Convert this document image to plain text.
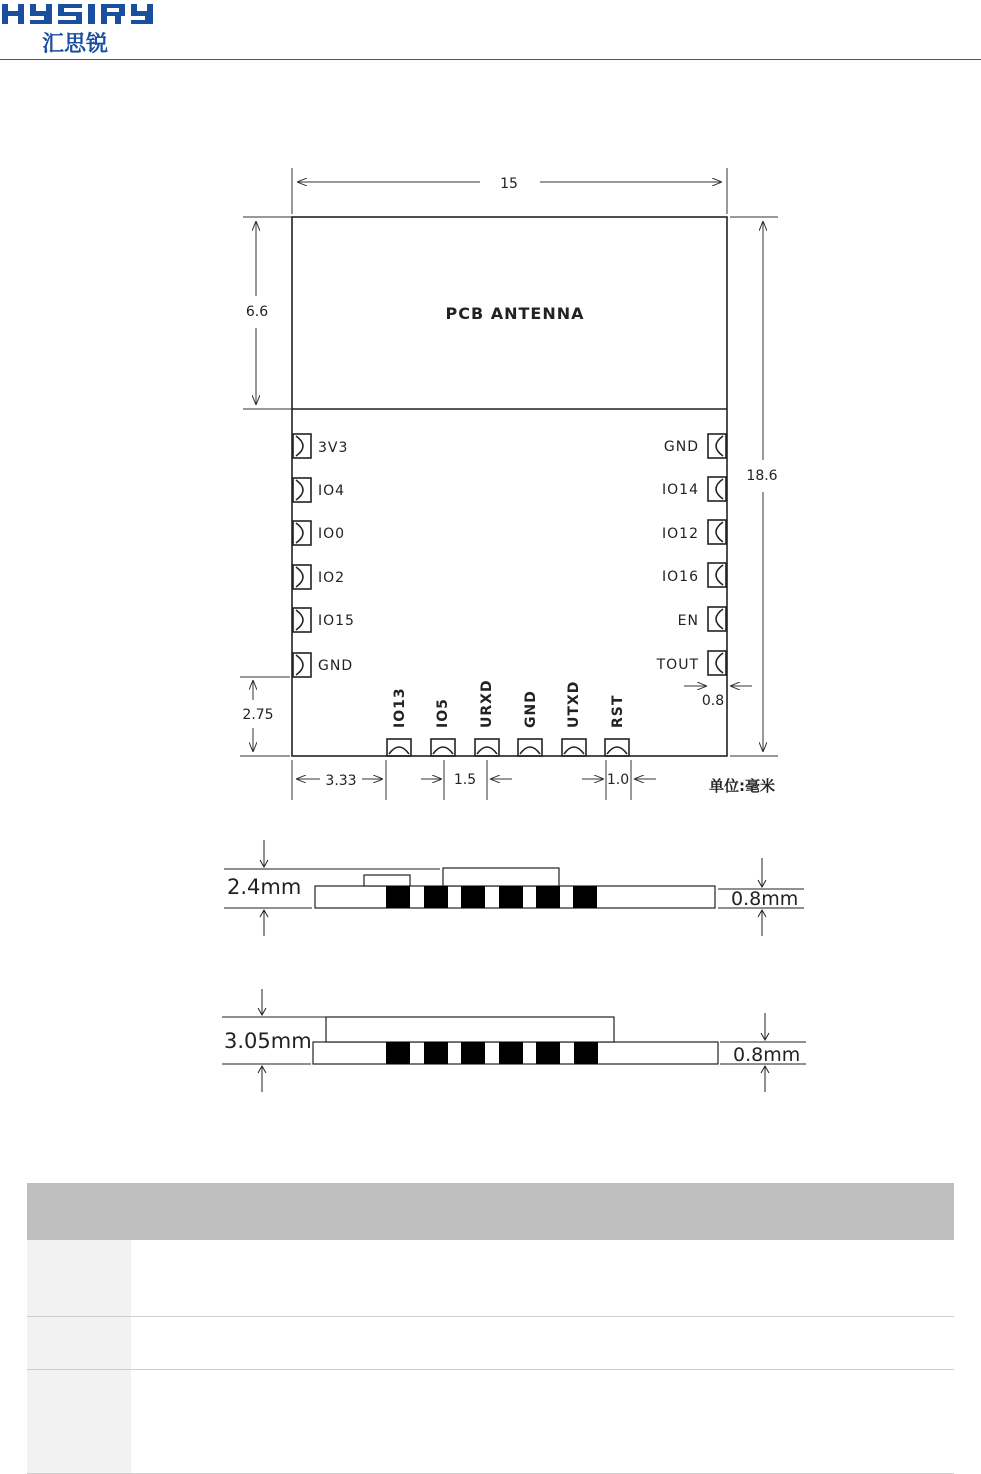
汇思锐
15
6.6
18.6
2.75
3.33	1.5	1.0
0.8
单位:毫米
PCB ANTENNA
3V3
IO4
IO0
IO2
IO15
GND
GND
IO14
IO12
IO16
EN
TOUT
IO13 IO5 URXD GND UTXD RST
2.4mm	0.8mm
3.05mm
0.8mm
